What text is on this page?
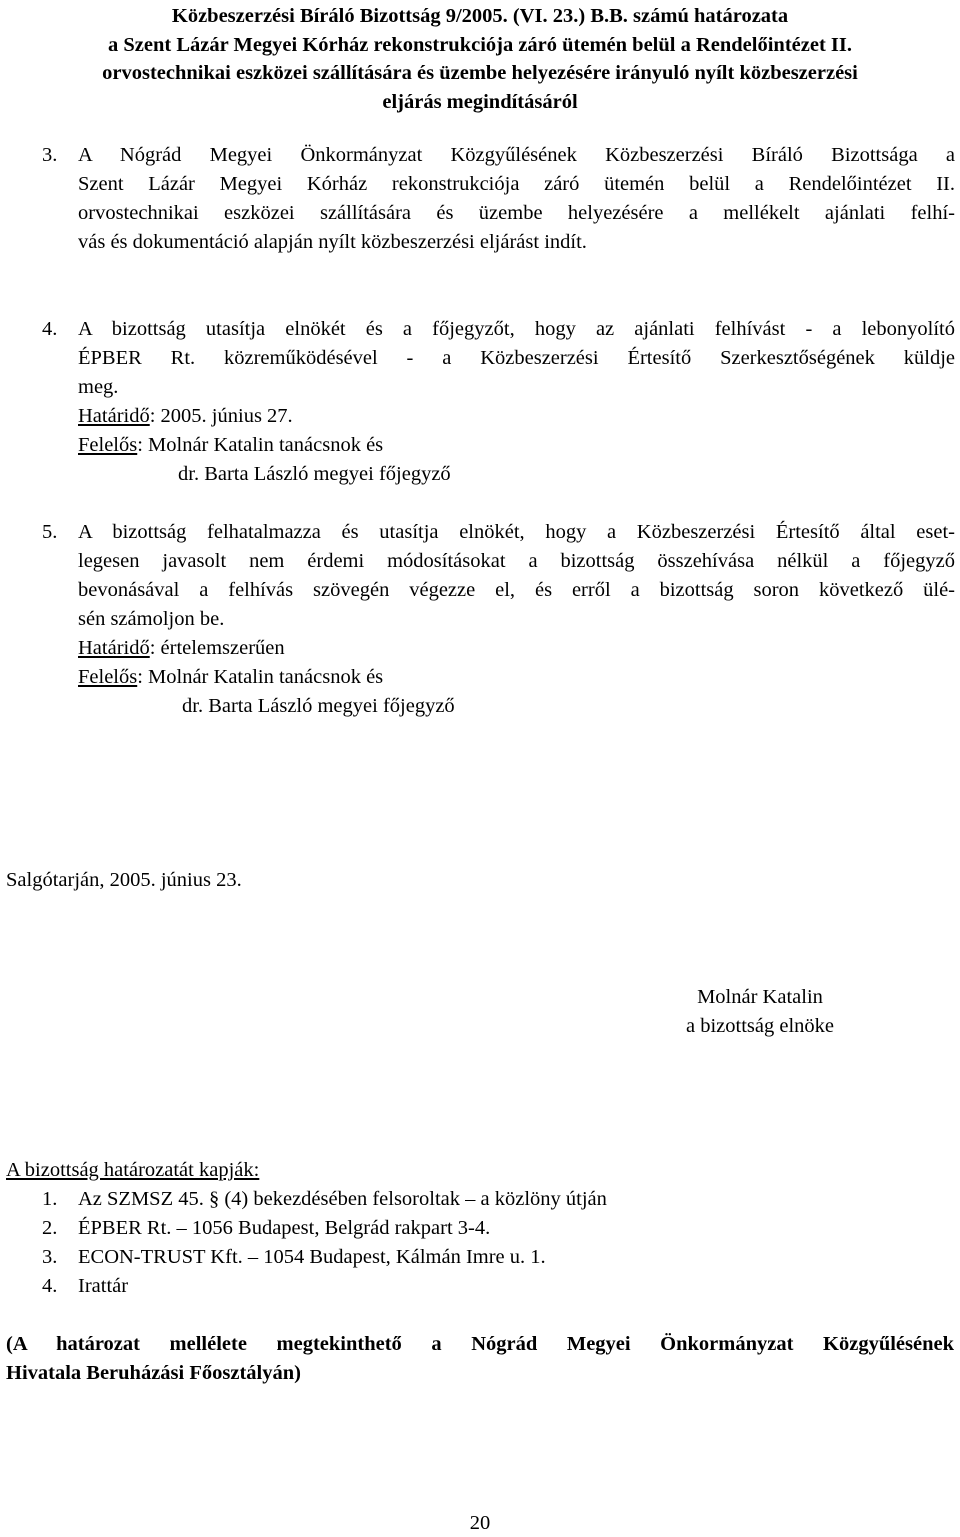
Közbeszerzési Bíráló Bizottság 9/2005. (VI. 23.) B.B. számú határozata
a Szent Lázár Megyei Kórház rekonstrukciója záró ütemén belül a Rendelőintézet II.
orvostechnikai eszközei szállítására és üzembe helyezésére irányuló nyílt közbeszerzési
eljárás megindításáról
3.	A Nógrád Megyei Önkormányzat Közgyűlésének Közbeszerzési Bíráló Bizottsága a
Szent Lázár Megyei Kórház rekonstrukciója záró ütemén belül a Rendelőintézet II.
orvostechnikai eszközei szállítására és üzembe helyezésére a mellékelt ajánlati felhí-
vás és dokumentáció alapján nyílt közbeszerzési eljárást indít.
4.	A bizottság utasítja elnökét és a főjegyzőt, hogy az ajánlati felhívást - a lebonyolító
ÉPBER Rt. közreműködésével - a Közbeszerzési Értesítő Szerkesztőségének küldje
meg.
Határidő: 2005. június 27.
Felelős: Molnár Katalin tanácsnok és
dr. Barta László megyei főjegyző
5.	A bizottság felhatalmazza és utasítja elnökét, hogy a Közbeszerzési Értesítő által eset-
legesen javasolt nem érdemi módosításokat a bizottság összehívása nélkül a főjegyző
bevonásával a felhívás szövegén végezze el, és erről a bizottság soron következő ülé-
sén számoljon be.
Határidő: értelemszerűen
Felelős: Molnár Katalin tanácsnok és
dr. Barta László megyei főjegyző
Salgótarján, 2005. június 23.
Molnár Katalin
a bizottság elnöke
A bizottság határozatát kapják:
1. Az SZMSZ 45. § (4) bekezdésében felsoroltak – a közlöny útján
2. ÉPBER Rt. – 1056 Budapest, Belgrád rakpart 3-4.
3. ECON-TRUST Kft. – 1054 Budapest, Kálmán Imre u. 1.
4. Irattár
(A határozat mellélete megtekinthető a Nógrád Megyei Önkormányzat Közgyűlésének
Hivatala Beruházási Főosztályán)
20
